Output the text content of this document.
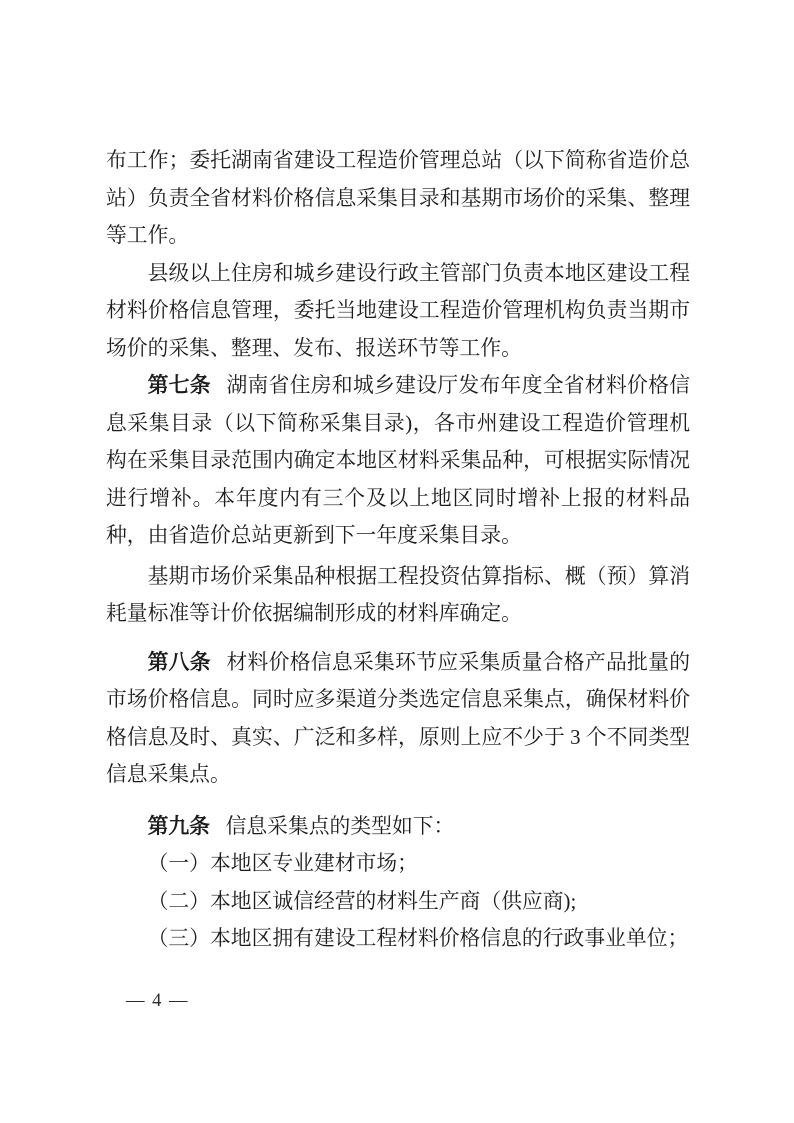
布工作；委托湖南省建设工程造价管理总站（以下简称省造价总站）负责全省材料价格信息采集目录和基期市场价的采集、整理等工作。

县级以上住房和城乡建设行政主管部门负责本地区建设工程材料价格信息管理，委托当地建设工程造价管理机构负责当期市场价的采集、整理、发布、报送环节等工作。

第七条 湖南省住房和城乡建设厅发布年度全省材料价格信息采集目录（以下简称采集目录)，各市州建设工程造价管理机构在采集目录范围内确定本地区材料采集品种，可根据实际情况进行增补。本年度内有三个及以上地区同时增补上报的材料品种，由省造价总站更新到下一年度采集目录。

基期市场价采集品种根据工程投资估算指标、概（预）算消耗量标准等计价依据编制形成的材料库确定。

第八条 材料价格信息采集环节应采集质量合格产品批量的市场价格信息。同时应多渠道分类选定信息采集点，确保材料价格信息及时、真实、广泛和多样，原则上应不少于 3 个不同类型信息采集点。

第九条 信息采集点的类型如下：

（一）本地区专业建材市场；

（二）本地区诚信经营的材料生产商（供应商);

（三）本地区拥有建设工程材料价格信息的行政事业单位；

— 4 —
